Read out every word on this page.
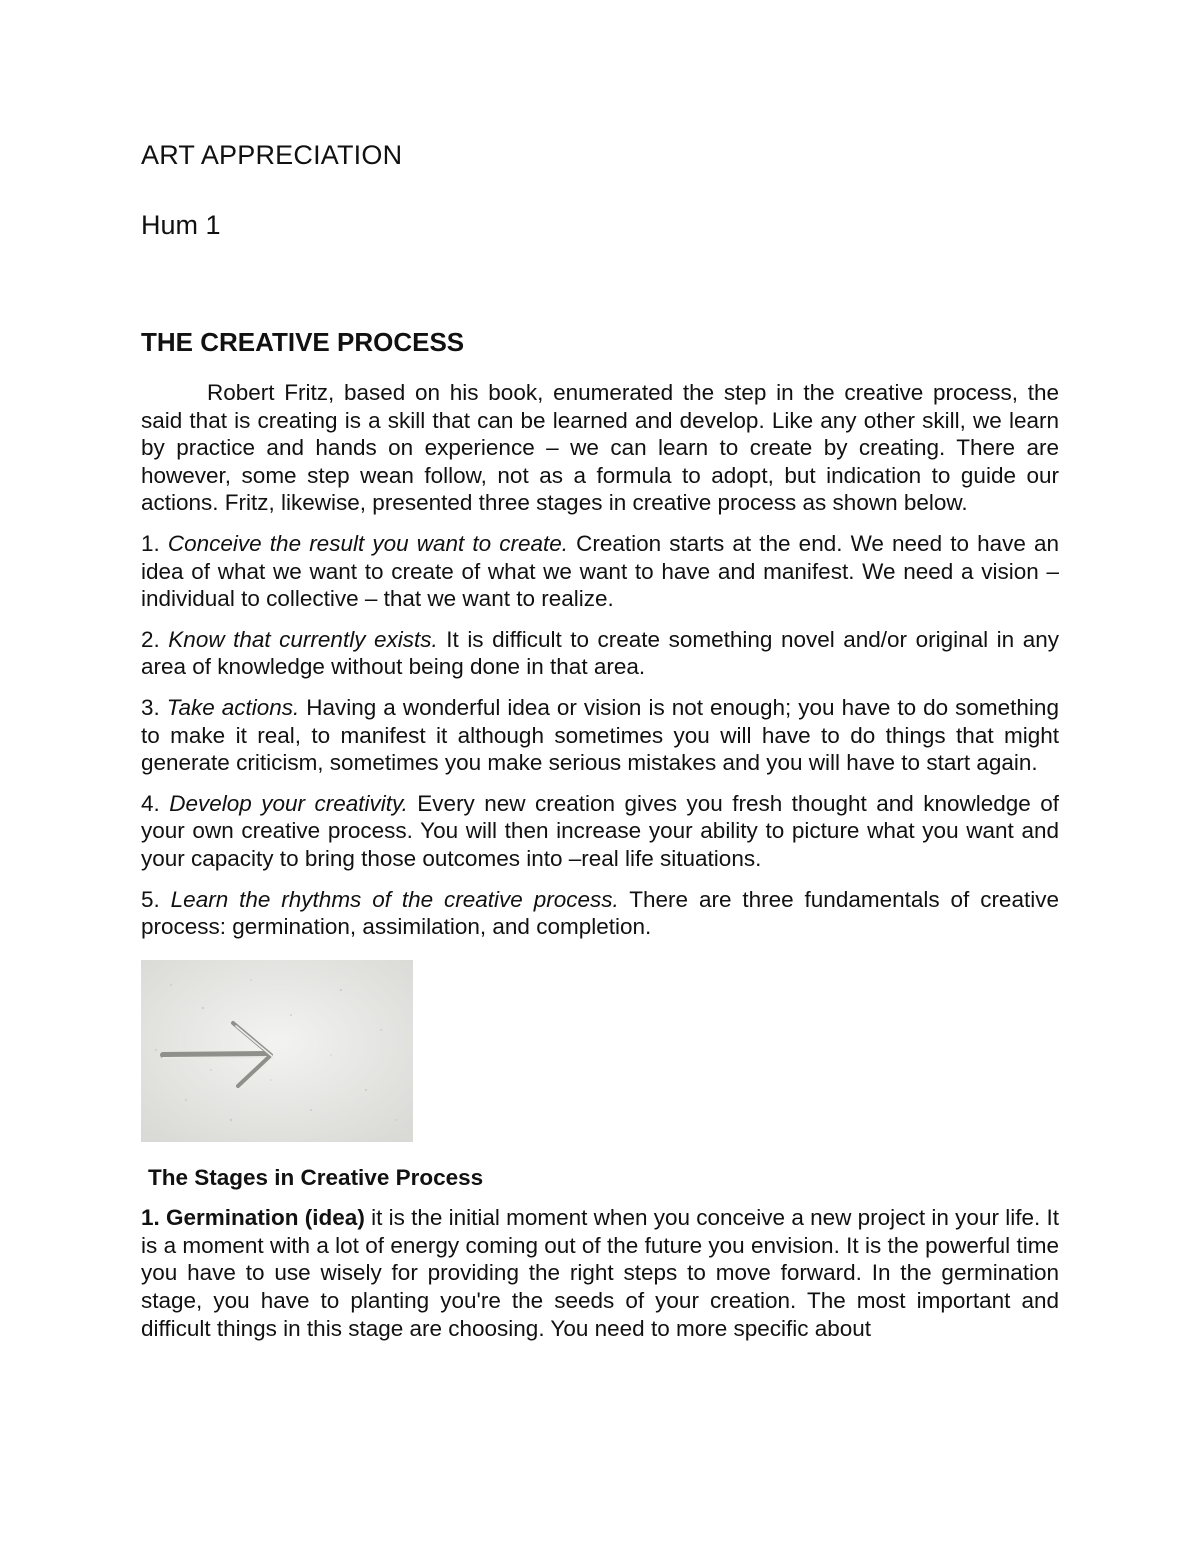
ART APPRECIATION
Hum 1
THE CREATIVE PROCESS

Robert Fritz, based on his book, enumerated the step in the creative process, the said that is creating is a skill that can be learned and develop. Like any other skill, we learn by practice and hands on experience – we can learn to create by creating. There are however, some step wean follow, not as a formula to adopt, but indication to guide our actions. Fritz, likewise, presented three stages in creative process as shown below.

1. Conceive the result you want to create. Creation starts at the end. We need to have an idea of what we want to create of what we want to have and manifest. We need a vision – individual to collective – that we want to realize.

2. Know that currently exists. It is difficult to create something novel and/or original in any area of knowledge without being done in that area.

3. Take actions. Having a wonderful idea or vision is not enough; you have to do something to make it real, to manifest it although sometimes you will have to do things that might generate criticism, sometimes you make serious mistakes and you will have to start again.

4. Develop your creativity. Every new creation gives you fresh thought and knowledge of your own creative process. You will then increase your ability to picture what you want and your capacity to bring those outcomes into –real life situations.

5. Learn the rhythms of the creative process. There are three fundamentals of creative process: germination, assimilation, and completion.

The Stages in Creative Process

1. Germination (idea) it is the initial moment when you conceive a new project in your life. It is a moment with a lot of energy coming out of the future you envision. It is the powerful time you have to use wisely for providing the right steps to move forward. In the germination stage, you have to planting you're the seeds of your creation. The most important and difficult things in this stage are choosing. You need to more specific about
